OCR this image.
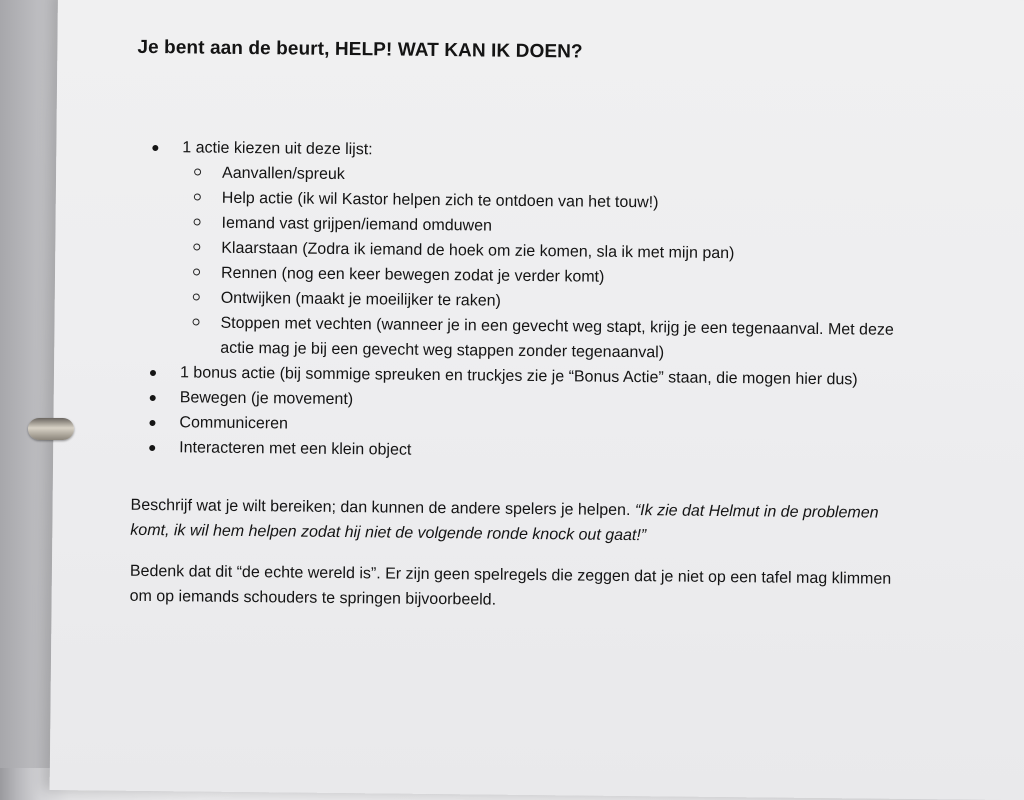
Je bent aan de beurt, HELP! WAT KAN IK DOEN?
1 actie kiezen uit deze lijst:
Aanvallen/spreuk
Help actie (ik wil Kastor helpen zich te ontdoen van het touw!)
Iemand vast grijpen/iemand omduwen
Klaarstaan (Zodra ik iemand de hoek om zie komen, sla ik met mijn pan)
Rennen (nog een keer bewegen zodat je verder komt)
Ontwijken (maakt je moeilijker te raken)
Stoppen met vechten (wanneer je in een gevecht weg stapt, krijg je een tegenaanval. Met deze actie mag je bij een gevecht weg stappen zonder tegenaanval)
1 bonus actie (bij sommige spreuken en truckjes zie je “Bonus Actie” staan, die mogen hier dus)
Bewegen (je movement)
Communiceren
Interacteren met een klein object

Beschrijf wat je wilt bereiken; dan kunnen de andere spelers je helpen. “Ik zie dat Helmut in de problemen komt, ik wil hem helpen zodat hij niet de volgende ronde knock out gaat!”

Bedenk dat dit “de echte wereld is”. Er zijn geen spelregels die zeggen dat je niet op een tafel mag klimmen om op iemands schouders te springen bijvoorbeeld.
